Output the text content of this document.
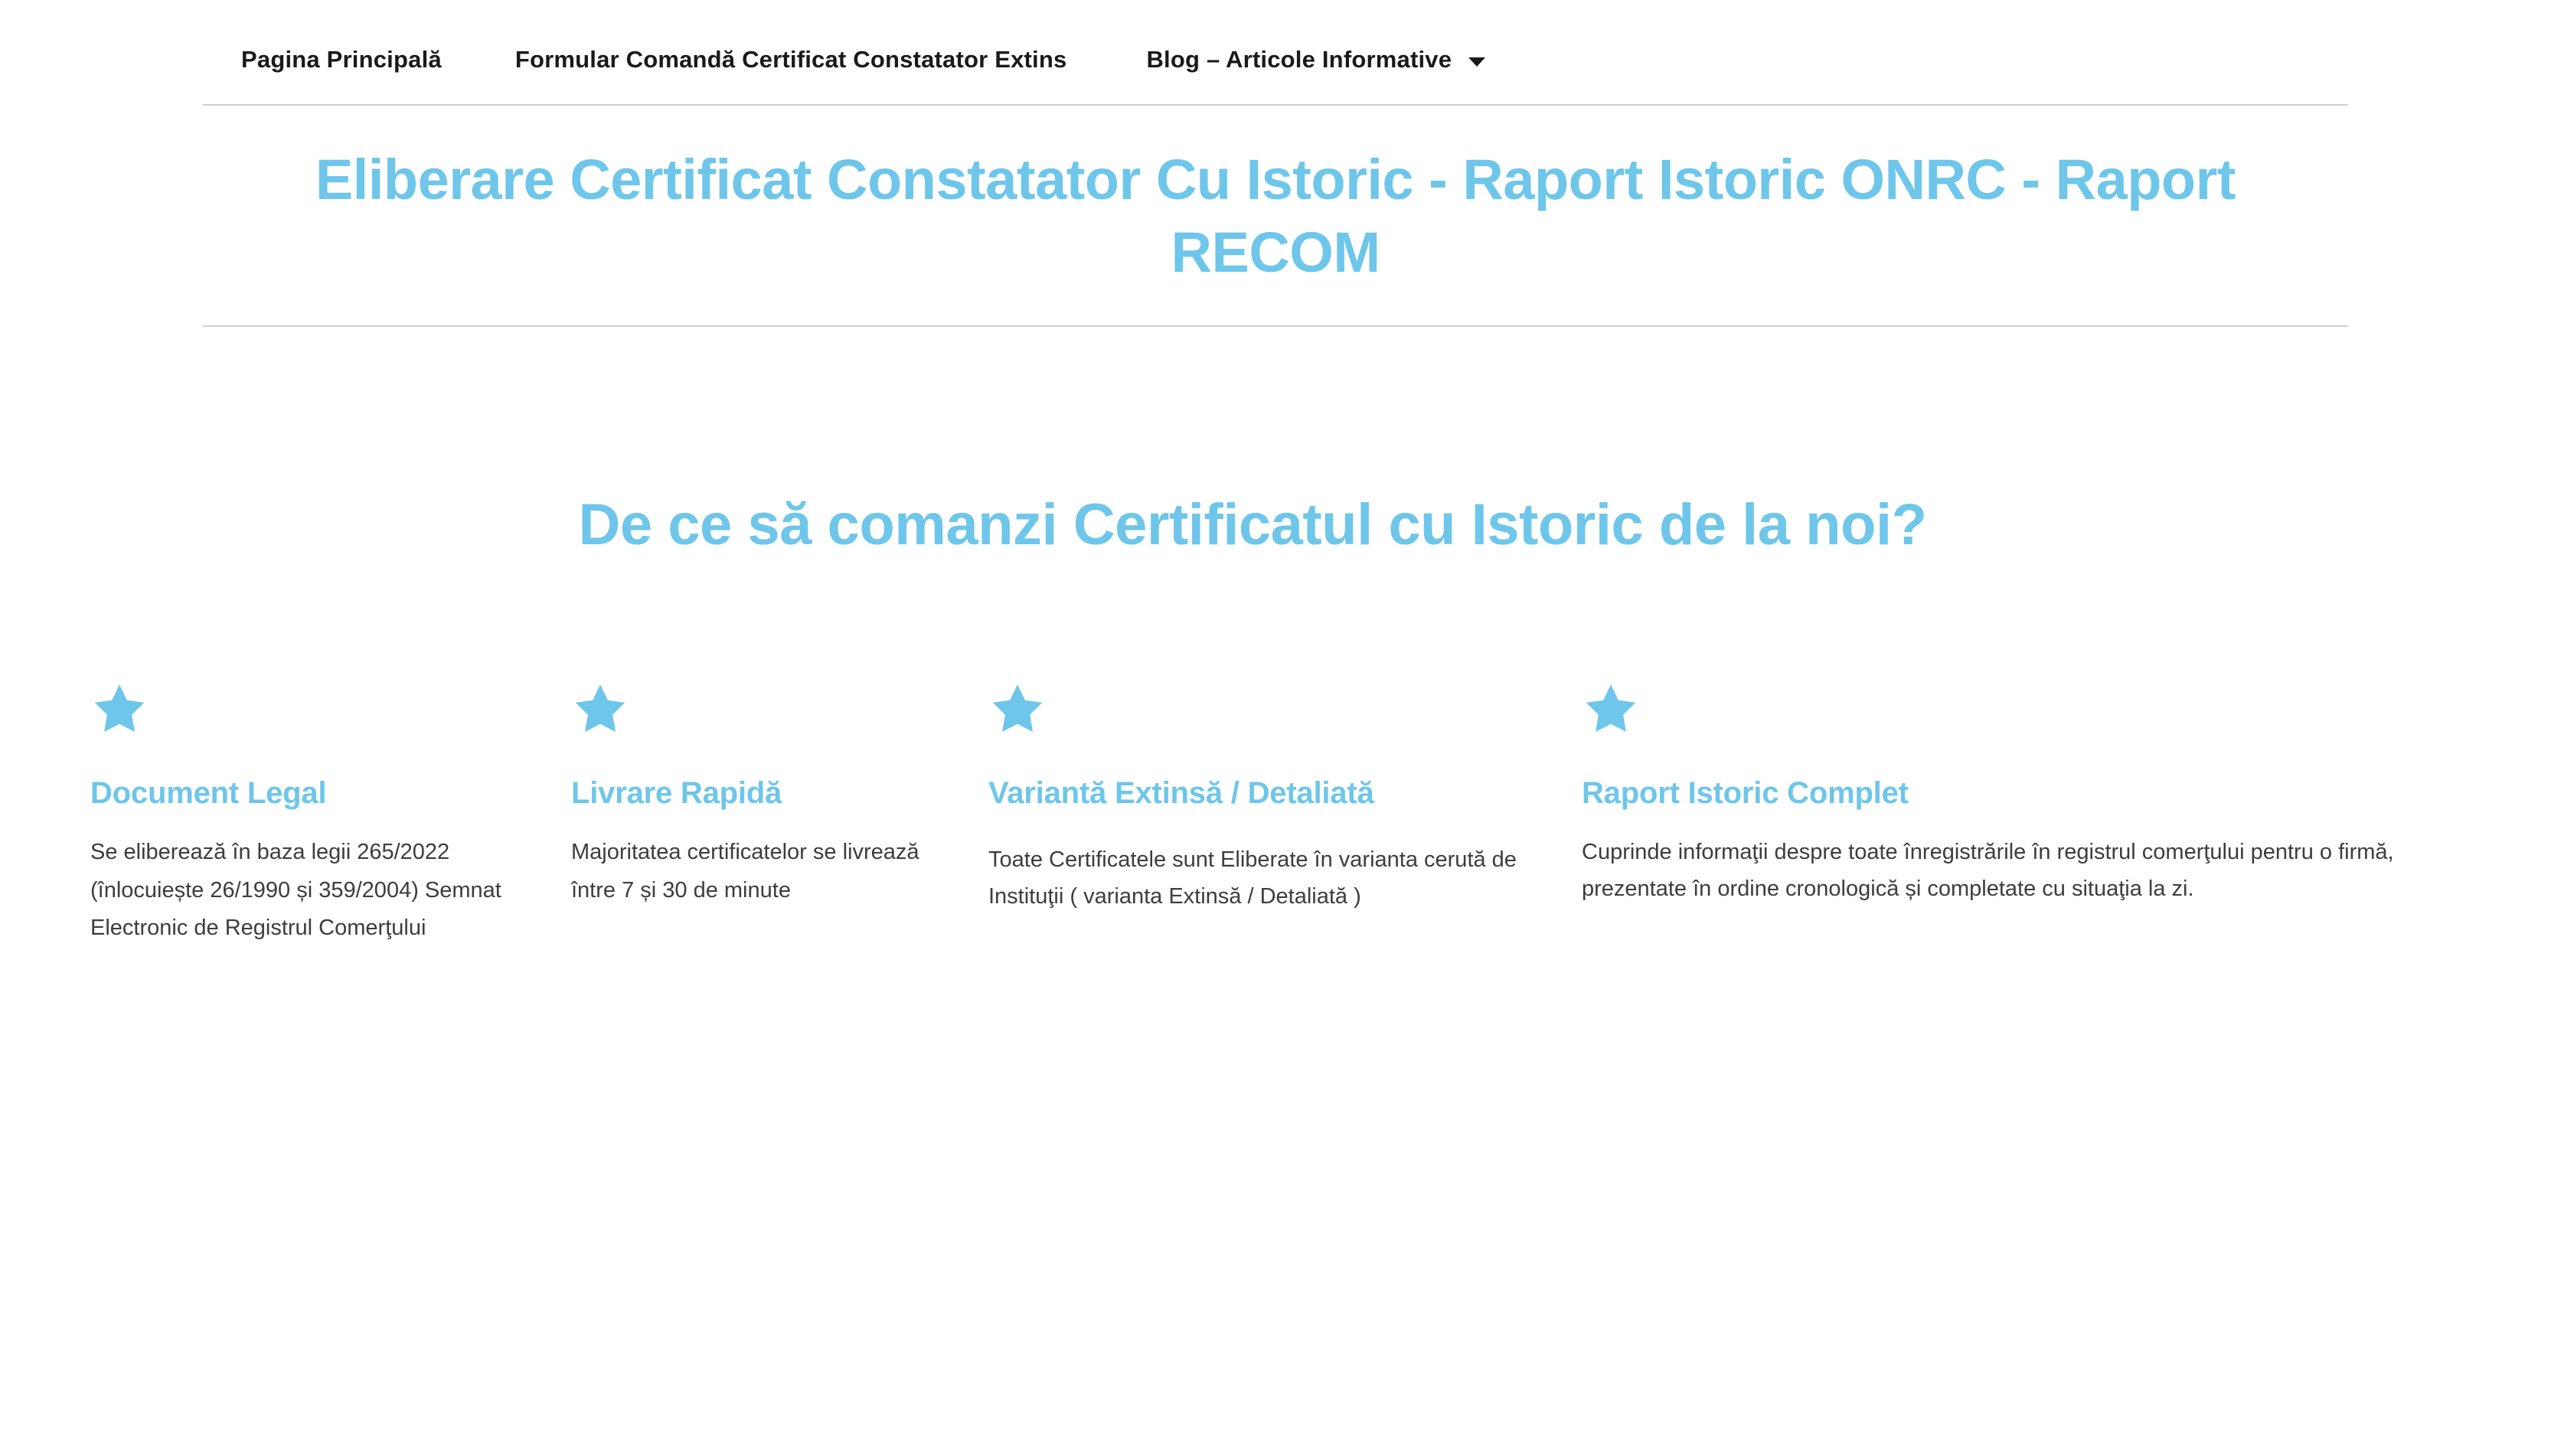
Pagina Principală	Formular Comandă Certificat Constatator Extins	Blog – Articole Informative
Eliberare Certificat Constatator Cu Istoric - Raport Istoric ONRC - Raport RECOM
De ce să comanzi Certificatul cu Istoric de la noi?
Document Legal

Se eliberează în baza legii 265/2022 (înlocuiește 26/1990 și 359/2004) Semnat Electronic de Registrul Comerţului

Livrare Rapidă

Majoritatea certificatelor se livrează între 7 și 30 de minute

Variantă Extinsă / Detaliată

Toate Certificatele sunt Eliberate în varianta cerută de Instituţii ( varianta Extinsă / Detaliată )

Raport Istoric Complet

Cuprinde informaţii despre toate înregistrările în registrul comerţului pentru o firmă, prezentate în ordine cronologică și completate cu situaţia la zi.
